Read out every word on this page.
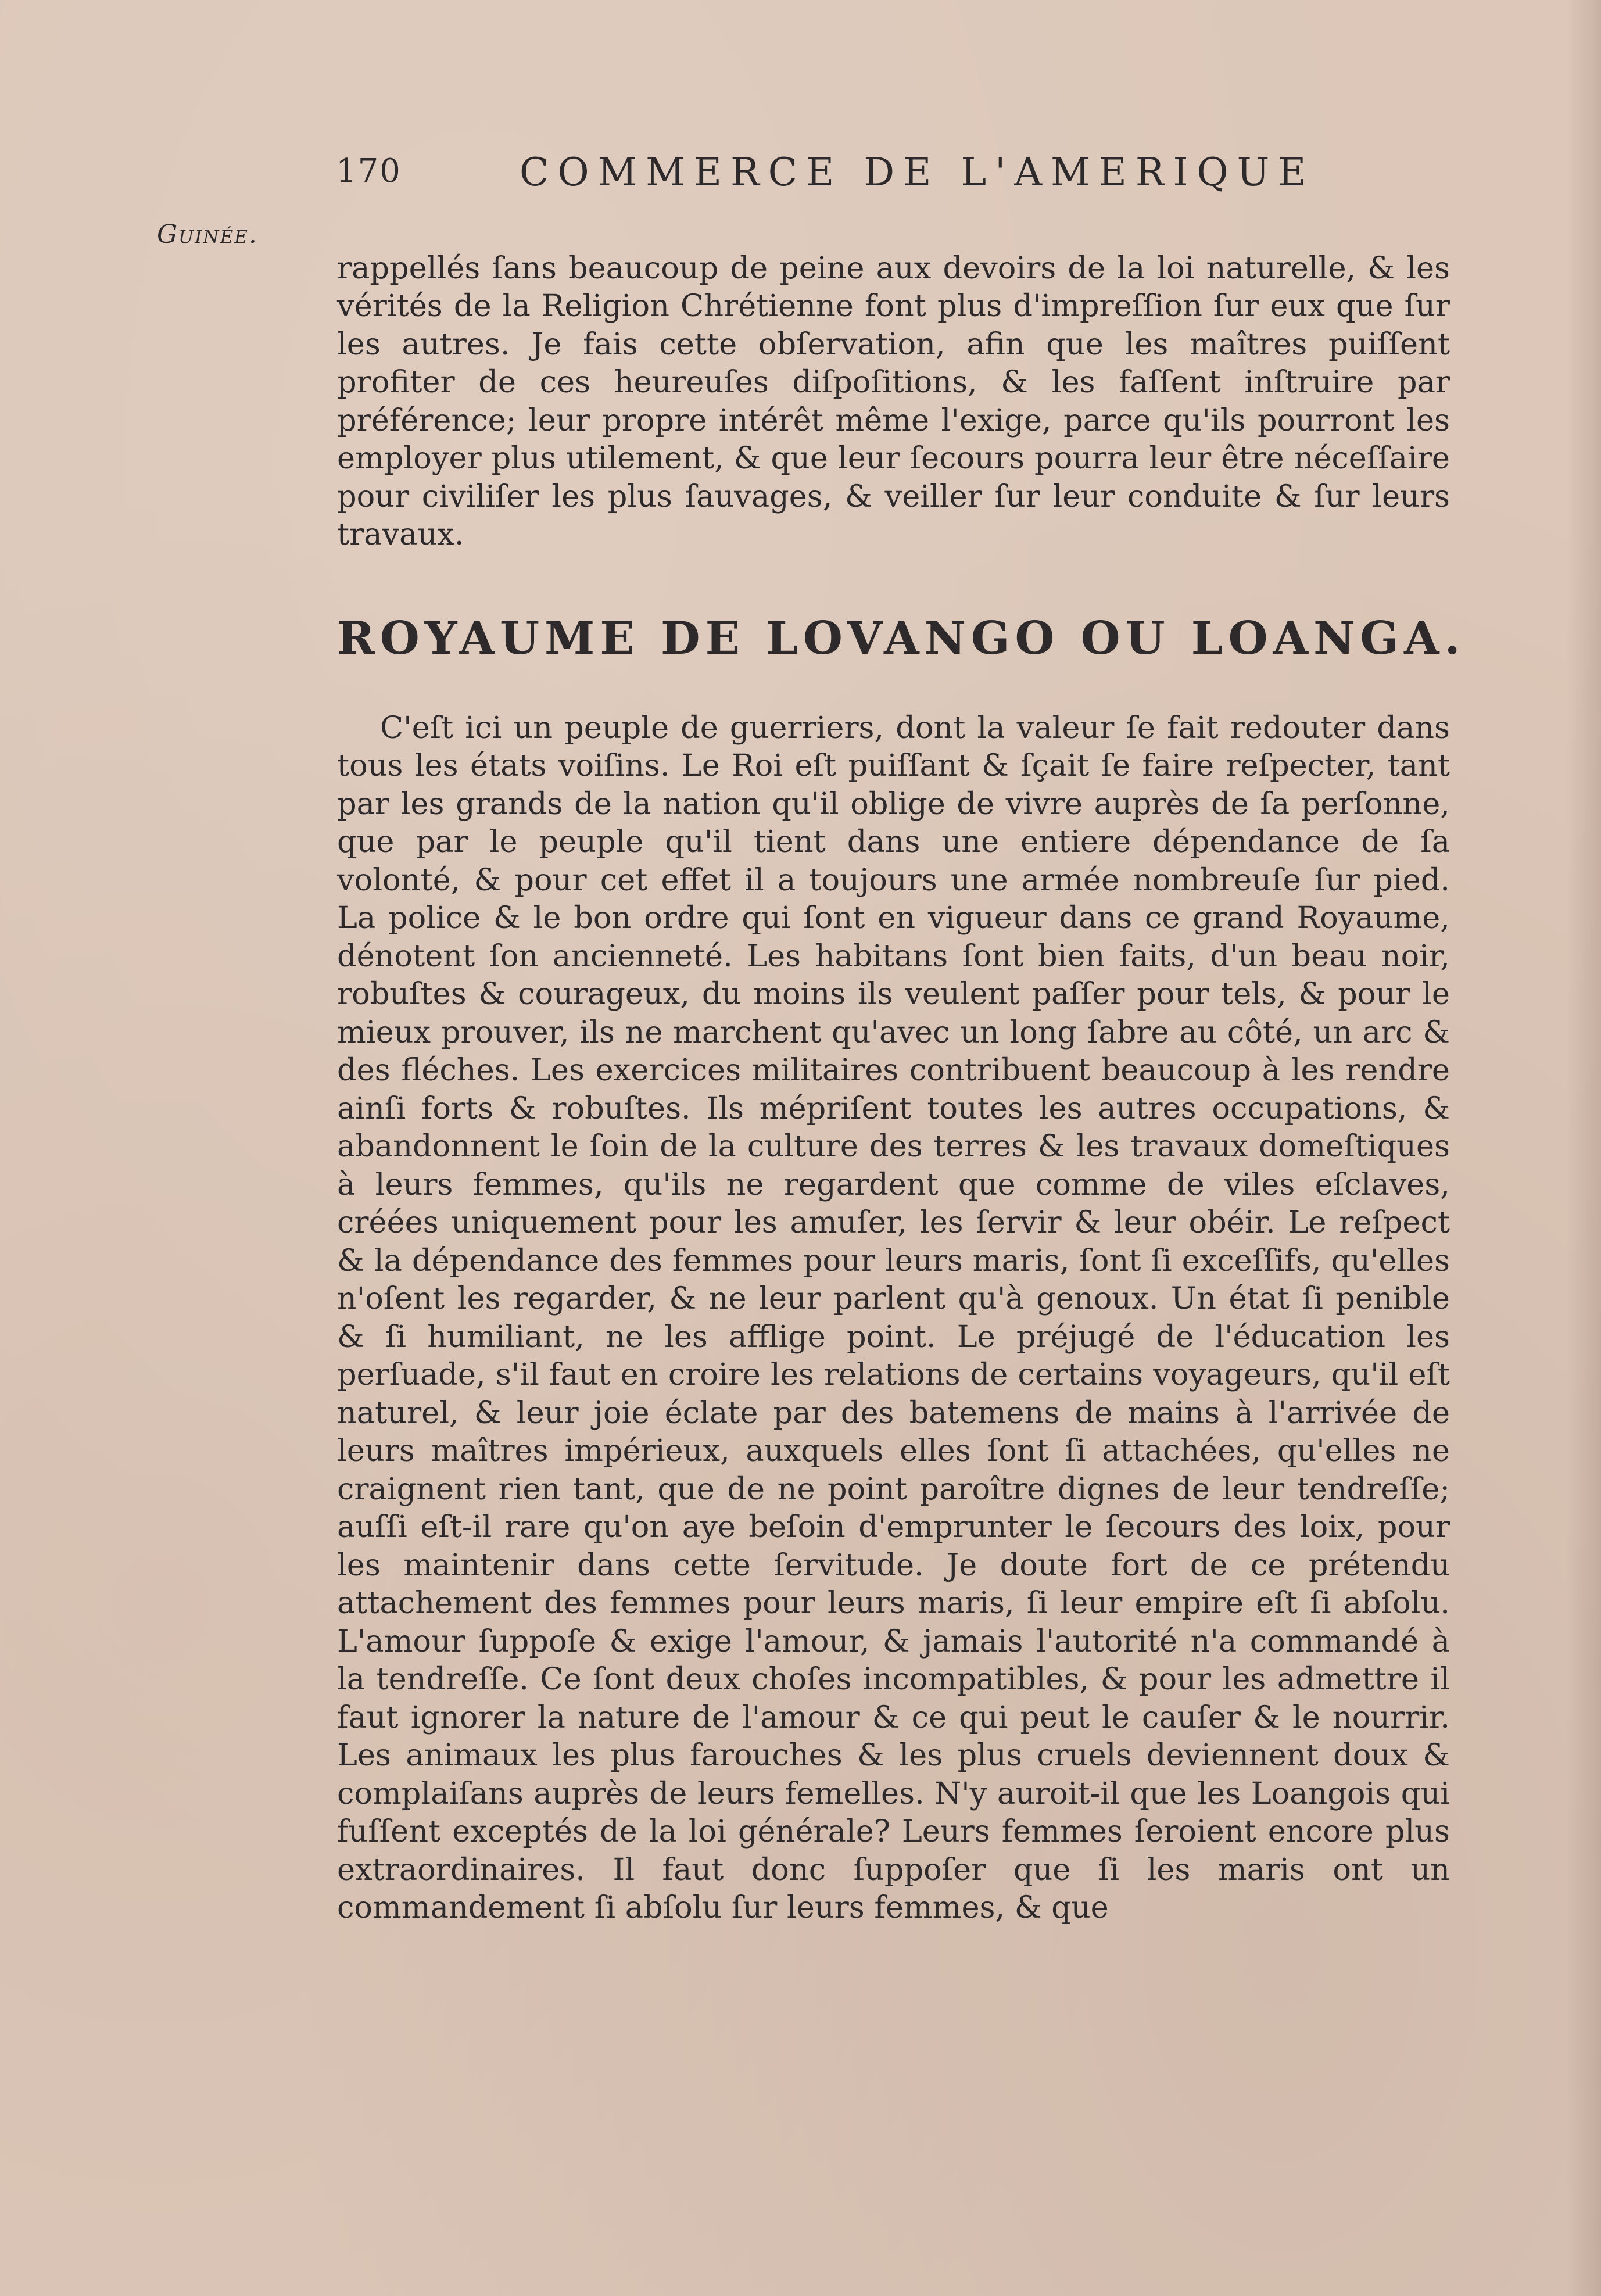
170	COMMERCE DE L'AMERIQUE
Guinée.

rappellés ſans beaucoup de peine aux devoirs de la loi naturelle, & les vérités de la Religion Chrétienne font plus d'impreſſion ſur eux que ſur les autres. Je fais cette obſervation, afin que les maîtres puiſſent profiter de ces heureuſes diſpoſitions, & les faſſent inſtruire par préférence; leur propre intérêt même l'exige, parce qu'ils pourront les employer plus utilement, & que leur ſecours pourra leur être néceſſaire pour civiliſer les plus ſauvages, & veiller ſur leur conduite & ſur leurs travaux.

ROYAUME DE LOVANGO OU LOANGA.

C'eſt ici un peuple de guerriers, dont la valeur ſe fait redouter dans tous les états voiſins. Le Roi eſt puiſſant & ſçait ſe faire reſpecter, tant par les grands de la nation qu'il oblige de vivre auprès de ſa perſonne, que par le peuple qu'il tient dans une entiere dépendance de ſa volonté, & pour cet effet il a toujours une armée nombreuſe ſur pied. La police & le bon ordre qui ſont en vigueur dans ce grand Royaume, dénotent ſon ancienneté. Les habitans ſont bien faits, d'un beau noir, robuſtes & courageux, du moins ils veulent paſſer pour tels, & pour le mieux prouver, ils ne marchent qu'avec un long ſabre au côté, un arc & des fléches. Les exercices militaires contribuent beaucoup à les rendre ainſi forts & robuſtes. Ils mépriſent toutes les autres occupations, & abandonnent le ſoin de la culture des terres & les travaux domeſtiques à leurs femmes, qu'ils ne regardent que comme de viles eſclaves, créées uniquement pour les amuſer, les ſervir & leur obéir. Le reſpect & la dépendance des femmes pour leurs maris, ſont ſi exceſſifs, qu'elles n'oſent les regarder, & ne leur parlent qu'à genoux. Un état ſi penible & ſi humiliant, ne les afflige point. Le préjugé de l'éducation les perſuade, s'il faut en croire les relations de certains voyageurs, qu'il eſt naturel, & leur joie éclate par des batemens de mains à l'arrivée de leurs maîtres impérieux, auxquels elles ſont ſi attachées, qu'elles ne craignent rien tant, que de ne point paroître dignes de leur tendreſſe; auſſi eſt-il rare qu'on aye beſoin d'emprunter le ſecours des loix, pour les maintenir dans cette ſervitude. Je doute fort de ce prétendu attachement des femmes pour leurs maris, ſi leur empire eſt ſi abſolu. L'amour ſuppoſe & exige l'amour, & jamais l'autorité n'a commandé à la tendreſſe. Ce ſont deux choſes incompatibles, & pour les admettre il faut ignorer la nature de l'amour & ce qui peut le cauſer & le nourrir. Les animaux les plus farouches & les plus cruels deviennent doux & complaiſans auprès de leurs femelles. N'y auroit-il que les Loangois qui fuſſent exceptés de la loi générale? Leurs femmes ſeroient encore plus extraordinaires. Il faut donc ſuppoſer que ſi les maris ont un commandement ſi abſolu ſur leurs femmes, & que
